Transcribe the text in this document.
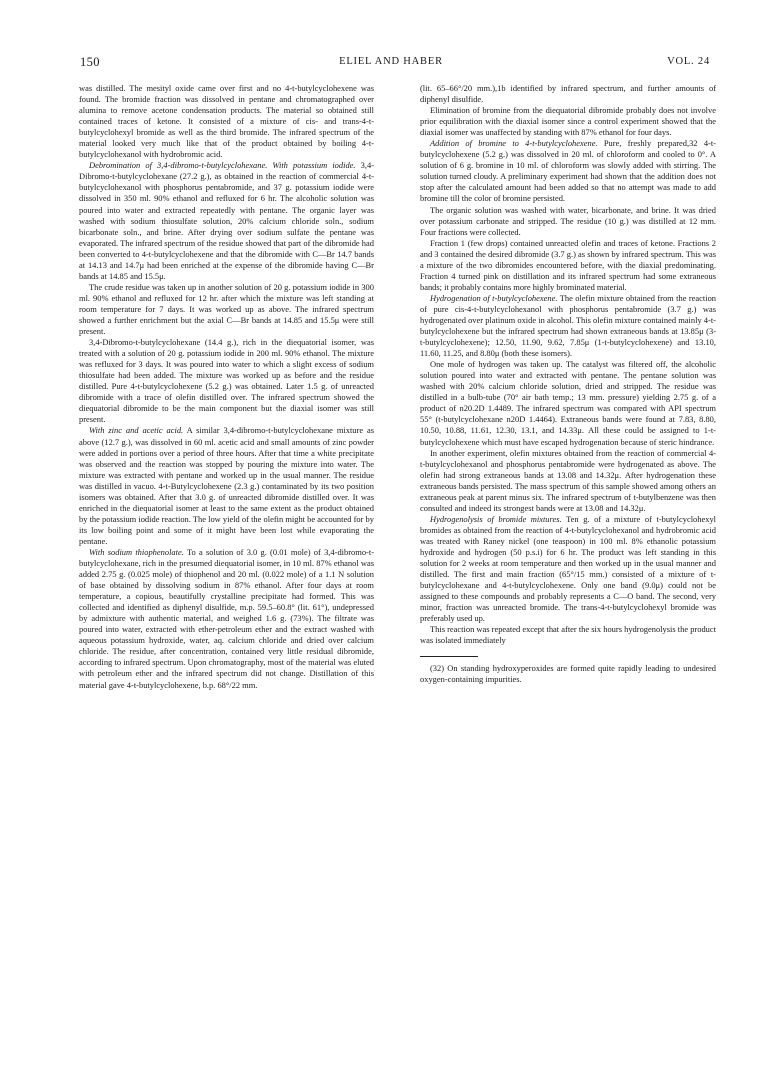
150	ELIEL AND HABER	VOL. 24

was distilled. The mesityl oxide came over first and no 4-t-butylcyclohexene was found. The bromide fraction was dissolved in pentane and chromatographed over alumina to remove acetone condensation products. The material so obtained still contained traces of ketone. It consisted of a mixture of cis- and trans-4-t-butylcyclohexyl bromide as well as the third bromide. The infrared spectrum of the material looked very much like that of the product obtained by boiling 4-t-butylcyclohexanol with hydrobromic acid.

Debromination of 3,4-dibromo-t-butylcyclohexane. With potassium iodide. 3,4-Dibromo-t-butylcyclohexane (27.2 g.), as obtained in the reaction of commercial 4-t-butylcyclohexanol with phosphorus pentabromide, and 37 g. potassium iodide were dissolved in 350 ml. 90% ethanol and refluxed for 6 hr. The alcoholic solution was poured into water and extracted repeatedly with pentane. The organic layer was washed with sodium thiosulfate solution, 20% calcium chloride soln., sodium bicarbonate soln., and brine. After drying over sodium sulfate the pentane was evaporated. The infrared spectrum of the residue showed that part of the dibromide had been converted to 4-t-butylcyclohexene and that the dibromide with C—Br 14.7 bands at 14.13 and 14.7μ had been enriched at the expense of the dibromide having C—Br bands at 14.85 and 15.5μ.

The crude residue was taken up in another solution of 20 g. potassium iodide in 300 ml. 90% ethanol and refluxed for 12 hr. after which the mixture was left standing at room temperature for 7 days. It was worked up as above. The infrared spectrum showed a further enrichment but the axial C—Br bands at 14.85 and 15.5μ were still present.

3,4-Dibromo-t-butylcyclohexane (14.4 g.), rich in the diequatorial isomer, was treated with a solution of 20 g. potassium iodide in 200 ml. 90% ethanol. The mixture was refluxed for 3 days. It was poured into water to which a slight excess of sodium thiosulfate had been added. The mixture was worked up as before and the residue distilled. Pure 4-t-butylcyclohexene (5.2 g.) was obtained. Later 1.5 g. of unreacted dibromide with a trace of olefin distilled over. The infrared spectrum showed the diequatorial dibromide to be the main component but the diaxial isomer was still present.

With zinc and acetic acid. A similar 3,4-dibromo-t-butylcyclohexane mixture as above (12.7 g.), was dissolved in 60 ml. acetic acid and small amounts of zinc powder were added in portions over a period of three hours. After that time a white precipitate was observed and the reaction was stopped by pouring the mixture into water. The mixture was extracted with pentane and worked up in the usual manner. The residue was distilled in vacuo. 4-t-Butylcyclohexene (2.3 g.) contaminated by its two position isomers was obtained. After that 3.0 g. of unreacted dibromide distilled over. It was enriched in the diequatorial isomer at least to the same extent as the product obtained by the potassium iodide reaction. The low yield of the olefin might be accounted for by its low boiling point and some of it might have been lost while evaporating the pentane.

With sodium thiophenolate. To a solution of 3.0 g. (0.01 mole) of 3,4-dibromo-t-butylcyclohexane, rich in the presumed diequatorial isomer, in 10 ml. 87% ethanol was added 2.75 g. (0.025 mole) of thiophenol and 20 ml. (0.022 mole) of a 1.1 N solution of base obtained by dissolving sodium in 87% ethanol. After four days at room temperature, a copious, beautifully crystalline precipitate had formed. This was collected and identified as diphenyl disulfide, m.p. 59.5–60.8° (lit. 61°), undepressed by admixture with authentic material, and weighed 1.6 g. (73%). The filtrate was poured into water, extracted with ether-petroleum ether and the extract washed with aqueous potassium hydroxide, water, aq. calcium chloride and dried over calcium chloride. The residue, after concentration, contained very little residual dibromide, according to infrared spectrum. Upon chromatography, most of the material was eluted with petroleum ether and the infrared spectrum did not change. Distillation of this material gave 4-t-butylcyclohexene, b.p. 68°/22 mm.

(lit. 65–66°/20 mm.),1b identified by infrared spectrum, and further amounts of diphenyl disulfide.

Elimination of bromine from the diequatorial dibromide probably does not involve prior equilibration with the diaxial isomer since a control experiment showed that the diaxial isomer was unaffected by standing with 87% ethanol for four days.

Addition of bromine to 4-t-butylcyclohexene. Pure, freshly prepared,32 4-t-butylcyclohexene (5.2 g.) was dissolved in 20 ml. of chloroform and cooled to 0°. A solution of 6 g. bromine in 10 ml. of chloroform was slowly added with stirring. The solution turned cloudy. A preliminary experiment had shown that the addition does not stop after the calculated amount had been added so that no attempt was made to add bromine till the color of bromine persisted.

The organic solution was washed with water, bicarbonate, and brine. It was dried over potassium carbonate and stripped. The residue (10 g.) was distilled at 12 mm. Four fractions were collected.

Fraction 1 (few drops) contained unreacted olefin and traces of ketone. Fractions 2 and 3 contained the desired dibromide (3.7 g.) as shown by infrared spectrum. This was a mixture of the two dibromides encountered before, with the diaxial predominating. Fraction 4 turned pink on distillation and its infrared spectrum had some extraneous bands; it probably contains more highly brominated material.

Hydrogenation of t-butylcyclohexene. The olefin mixture obtained from the reaction of pure cis-4-t-butylcyclohexanol with phosphorus pentabromide (3.7 g.) was hydrogenated over platinum oxide in alcohol. This olefin mixture contained mainly 4-t-butylcyclohexene but the infrared spectrum had shown extraneous bands at 13.85μ (3-t-butylcyclohexene); 12.50, 11.90, 9.62, 7.85μ (1-t-butylcyclohexene) and 13.10, 11.60, 11.25, and 8.80μ (both these isomers).

One mole of hydrogen was taken up. The catalyst was filtered off, the alcoholic solution poured into water and extracted with pentane. The pentane solution was washed with 20% calcium chloride solution, dried and stripped. The residue was distilled in a bulb-tube (70° air bath temp.; 13 mm. pressure) yielding 2.75 g. of a product of n20.2D 1.4489. The infrared spectrum was compared with API spectrum 55° (t-butylcyclohexane n20D 1.4464). Extraneous bands were found at 7.83, 8.80, 10.50, 10.88, 11.61, 12.30, 13.1, and 14.33μ. All these could be assigned to 1-t-butylcyclohexene which must have escaped hydrogenation because of steric hindrance.

In another experiment, olefin mixtures obtained from the reaction of commercial 4-t-butylcyclohexanol and phosphorus pentabromide were hydrogenated as above. The olefin had strong extraneous bands at 13.08 and 14.32μ. After hydrogenation these extraneous bands persisted. The mass spectrum of this sample showed among others an extraneous peak at parent minus six. The infrared spectrum of t-butylbenzene was then consulted and indeed its strongest bands were at 13.08 and 14.32μ.

Hydrogenolysis of bromide mixtures. Ten g. of a mixture of t-butylcyclohexyl bromides as obtained from the reaction of 4-t-butylcyclohexanol and hydrobromic acid was treated with Raney nickel (one teaspoon) in 100 ml. 8% ethanolic potassium hydroxide and hydrogen (50 p.s.i) for 6 hr. The product was left standing in this solution for 2 weeks at room temperature and then worked up in the usual manner and distilled. The first and main fraction (65°/15 mm.) consisted of a mixture of t-butylcyclohexane and 4-t-butylcyclohexene. Only one band (9.0μ) could not be assigned to these compounds and probably represents a C—O band. The second, very minor, fraction was unreacted bromide. The trans-4-t-butylcyclohexyl bromide was preferably used up.

This reaction was repeated except that after the six hours hydrogenolysis the product was isolated immediately

(32) On standing hydroxyperoxides are formed quite rapidly leading to undesired oxygen-containing impurities.
